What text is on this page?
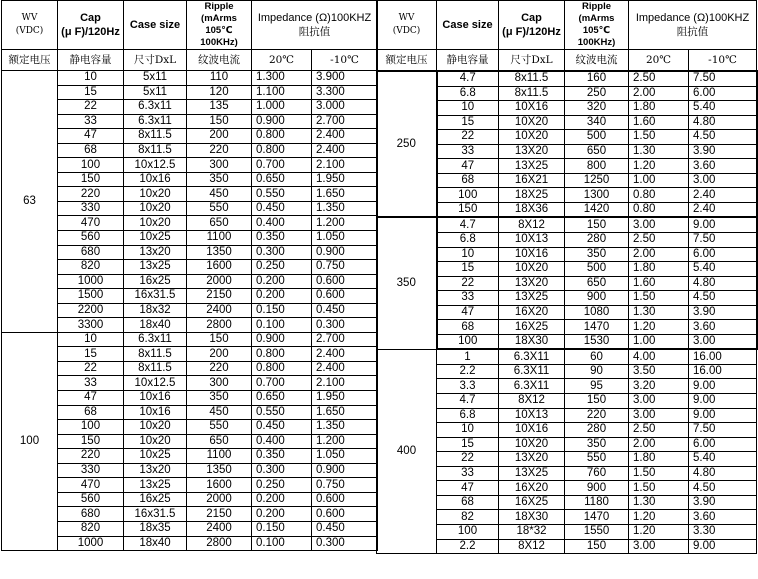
WV
(VDC)	Cap
(μ F)/120Hz	Case size	Ripple
(mArms 105℃
100KHz)	Impedance (Ω)100KHZ
阻抗值	
额定电压	静电容量	尺寸DxL	纹波电流	20℃	-10℃
63	10	5x11	110	1.300	3.900
	15	5x11	120	1.100	3.300
	22	6.3x11	135	1.000	3.000
	33	6.3x11	150	0.900	2.700
	47	8x11.5	200	0.800	2.400
	68	8x11.5	220	0.800	2.400
	100	10x12.5	300	0.700	2.100
	150	10x16	350	0.650	1.950
	220	10x20	450	0.550	1.650
	330	10x20	550	0.450	1.350
	470	10x20	650	0.400	1.200
	560	10x25	1100	0.350	1.050
	680	13x20	1350	0.300	0.900
	820	13x25	1600	0.250	0.750
	1000	16x25	2000	0.200	0.600
	1500	16x31.5	2150	0.200	0.600
	2200	18x32	2400	0.150	0.450
	3300	18x40	2800	0.100	0.300
100	10	6.3x11	150	0.900	2.700
	15	8x11.5	200	0.800	2.400
	22	8x11.5	220	0.800	2.400
	33	10x12.5	300	0.700	2.100
	47	10x16	350	0.650	1.950
	68	10x16	450	0.550	1.650
	100	10x20	550	0.450	1.350
	150	10x20	650	0.400	1.200
	220	10x25	1100	0.350	1.050
	330	13x20	1350	0.300	0.900
	470	13x25	1600	0.250	0.750
	560	16x25	2000	0.200	0.600
	680	16x31.5	2150	0.200	0.600
	820	18x35	2400	0.150	0.450
	1000	18x40	2800	0.100	0.300
WV
(VDC)	Case size	Cap
(μ F)/120Hz	Ripple
(mArms 105℃
100KHz)	Impedance (Ω)100KHZ
阻抗值	
额定电压	静电容量	尺寸DxL	纹波电流	20℃	-10℃
250	4.7	8x11.5	160	2.50	7.50
	6.8	8x11.5	250	2.00	6.00
	10	10X16	320	1.80	5.40
	15	10X20	340	1.60	4.80
	22	10X20	500	1.50	4.50
	33	13X20	650	1.30	3.90
	47	13X25	800	1.20	3.60
	68	16X21	1250	1.00	3.00
	100	18X25	1300	0.80	2.40
	150	18X36	1420	0.80	2.40
350	4.7	8X12	150	3.00	9.00
	6.8	10X13	280	2.50	7.50
	10	10X16	350	2.00	6.00
	15	10X20	500	1.80	5.40
	22	13X20	650	1.60	4.80
	33	13X25	900	1.50	4.50
	47	16X20	1080	1.30	3.90
	68	16X25	1470	1.20	3.60
	100	18X30	1530	1.00	3.00
400	1	6.3X11	60	4.00	16.00
	2.2	6.3X11	90	3.50	16.00
	3.3	6.3X11	95	3.20	9.00
	4.7	8X12	150	3.00	9.00
	6.8	10X13	220	3.00	9.00
	10	10X16	280	2.50	7.50
	15	10X20	350	2.00	6.00
	22	13X20	550	1.80	5.40
	33	13X25	760	1.50	4.80
	47	16X20	900	1.50	4.50
	68	16X25	1180	1.30	3.90
	82	18X30	1470	1.20	3.60
	100	18*32	1550	1.20	3.30
	2.2	8X12	150	3.00	9.00
